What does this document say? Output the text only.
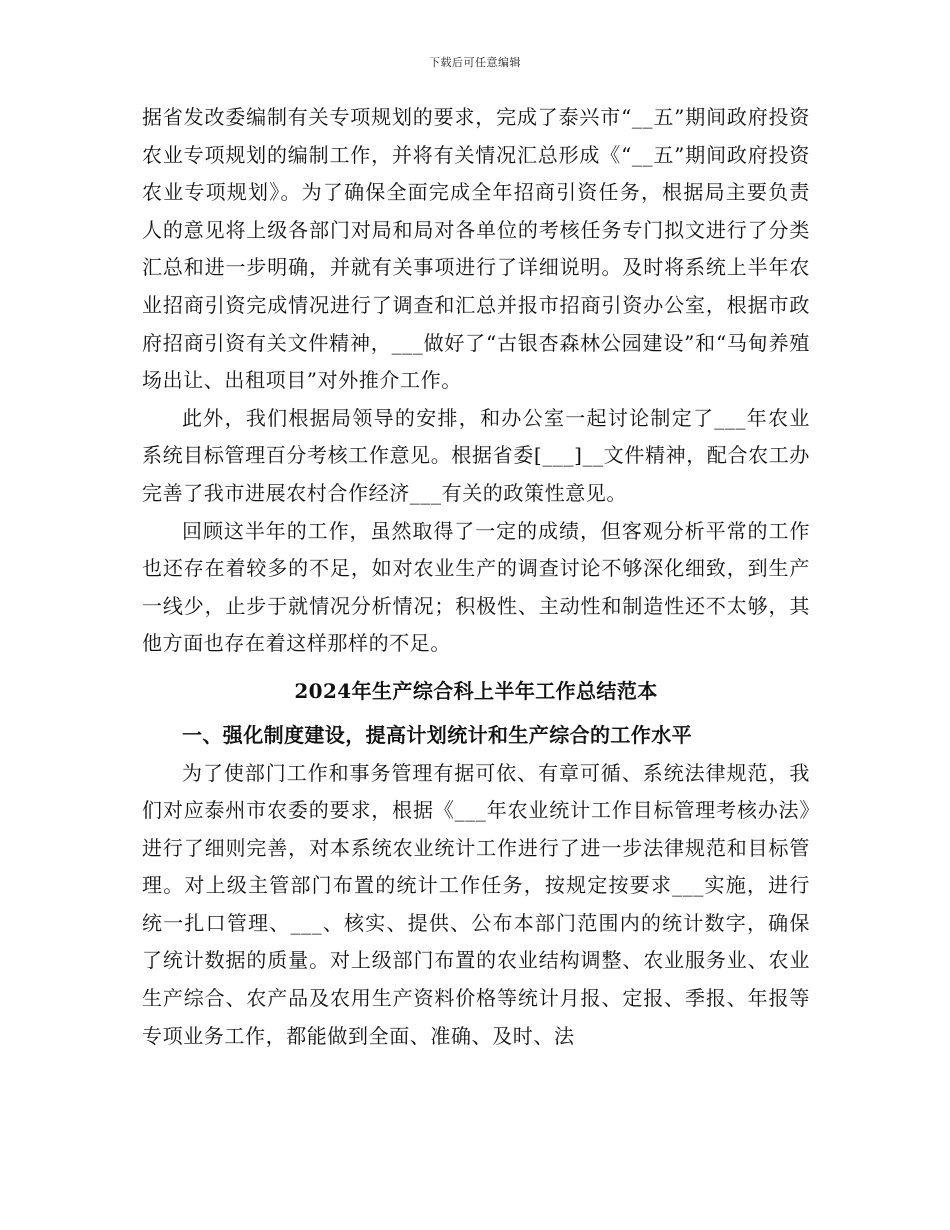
下载后可任意编辑

据省发改委编制有关专项规划的要求，完成了泰兴市“__五”期间政府投资农业专项规划的编制工作，并将有关情况汇总形成《“__五”期间政府投资农业专项规划》。为了确保全面完成全年招商引资任务，根据局主要负责人的意见将上级各部门对局和局对各单位的考核任务专门拟文进行了分类汇总和进一步明确，并就有关事项进行了详细说明。及时将系统上半年农业招商引资完成情况进行了调查和汇总并报市招商引资办公室，根据市政府招商引资有关文件精神，___做好了“古银杏森林公园建设”和“马甸养殖场出让、出租项目”对外推介工作。

此外，我们根据局领导的安排，和办公室一起讨论制定了___年农业系统目标管理百分考核工作意见。根据省委[___]__文件精神，配合农工办完善了我市进展农村合作经济___有关的政策性意见。

回顾这半年的工作，虽然取得了一定的成绩，但客观分析平常的工作也还存在着较多的不足，如对农业生产的调查讨论不够深化细致，到生产一线少，止步于就情况分析情况；积极性、主动性和制造性还不太够，其他方面也存在着这样那样的不足。

2024年生产综合科上半年工作总结范本
一、强化制度建设，提高计划统计和生产综合的工作水平

为了使部门工作和事务管理有据可依、有章可循、系统法律规范，我们对应泰州市农委的要求，根据《___年农业统计工作目标管理考核办法》进行了细则完善，对本系统农业统计工作进行了进一步法律规范和目标管理。对上级主管部门布置的统计工作任务，按规定按要求___实施，进行统一扎口管理、___、核实、提供、公布本部门范围内的统计数字，确保了统计数据的质量。对上级部门布置的农业结构调整、农业服务业、农业生产综合、农产品及农用生产资料价格等统计月报、定报、季报、年报等专项业务工作，都能做到全面、准确、及时、法
